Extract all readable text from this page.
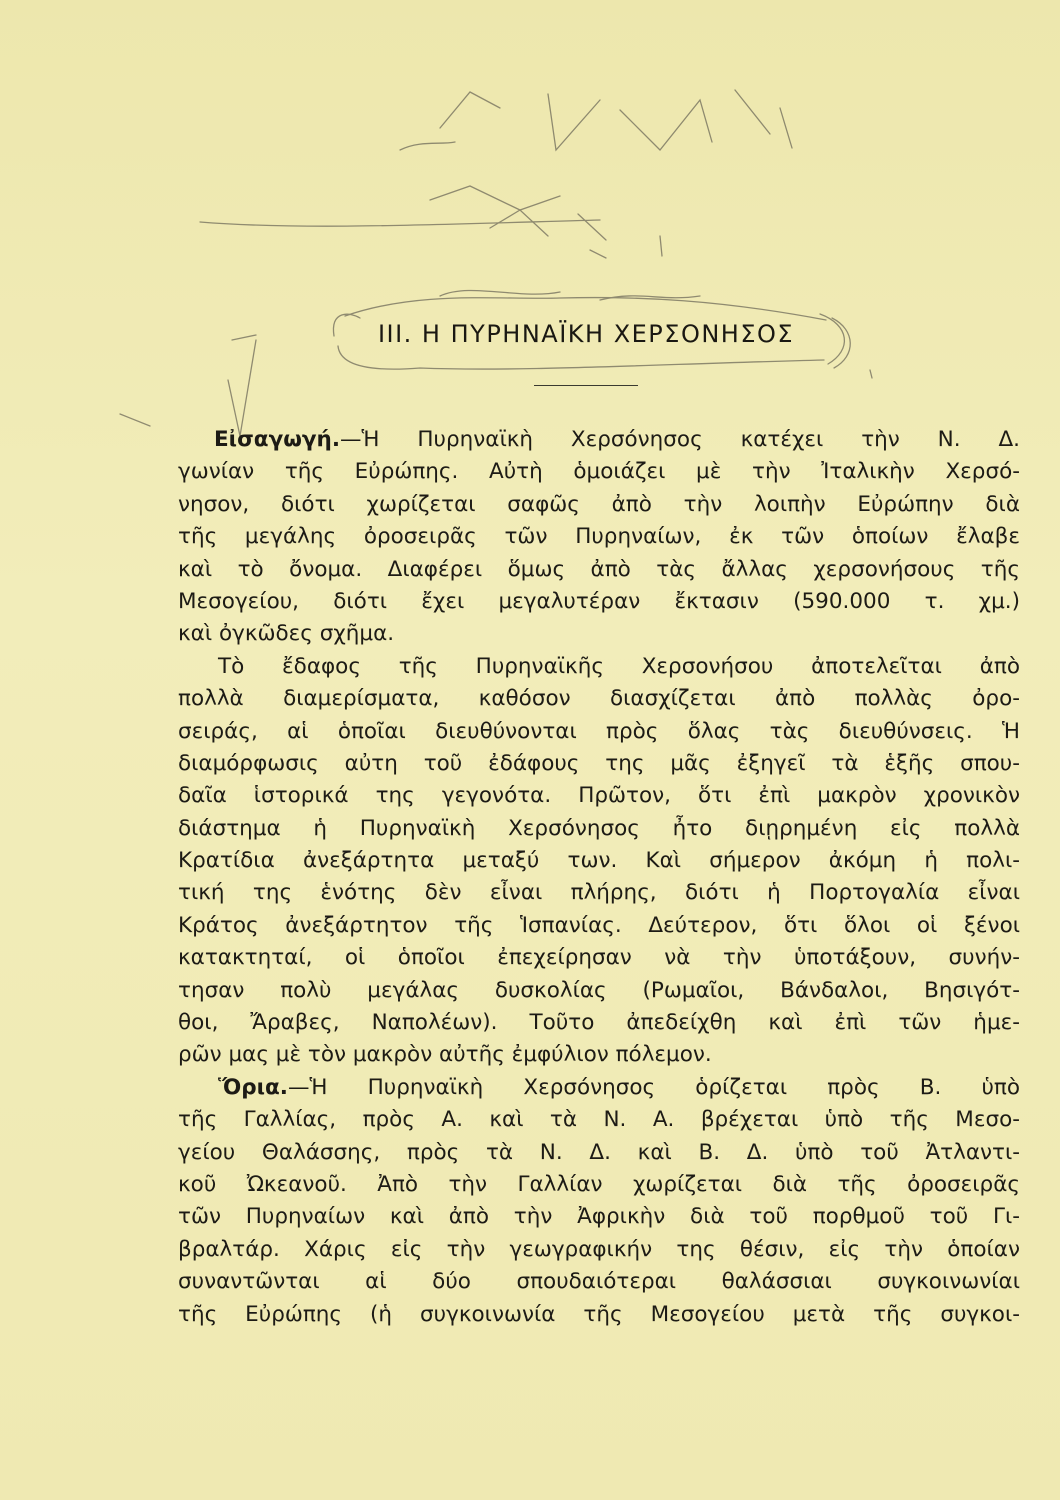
III. Η ΠΥΡΗΝΑΪΚΗ ΧΕΡΣΟΝΗΣΟΣ
Εἰσαγωγή.—Ἡ Πυρηναϊκὴ Χερσόνησος κατέχει τὴν Ν. Δ.
γωνίαν τῆς Εὐρώπης. Αὐτὴ ὁμοιάζει μὲ τὴν Ἰταλικὴν Χερσό-
νησον, διότι χωρίζεται σαφῶς ἀπὸ τὴν λοιπὴν Εὐρώπην διὰ
τῆς μεγάλης ὀροσειρᾶς τῶν Πυρηναίων, ἐκ τῶν ὁποίων ἔλαβε
καὶ τὸ ὄνομα. Διαφέρει ὅμως ἀπὸ τὰς ἄλλας χερσονήσους τῆς
Μεσογείου, διότι ἔχει μεγαλυτέραν ἔκτασιν (590.000 τ. χμ.)
καὶ ὀγκῶδες σχῆμα.
Τὸ ἔδαφος τῆς Πυρηναϊκῆς Χερσονήσου ἀποτελεῖται ἀπὸ
πολλὰ διαμερίσματα, καθόσον διασχίζεται ἀπὸ πολλὰς ὀρο-
σειράς, αἱ ὁποῖαι διευθύνονται πρὸς ὅλας τὰς διευθύνσεις. Ἡ
διαμόρφωσις αὐτη τοῦ ἐδάφους της μᾶς ἐξηγεῖ τὰ ἑξῆς σπου-
δαῖα ἱστορικά της γεγονότα. Πρῶτον, ὅτι ἐπὶ μακρὸν χρονικὸν
διάστημα ἡ Πυρηναϊκὴ Χερσόνησος ἦτο διῃρημένη εἰς πολλὰ
Κρατίδια ἀνεξάρτητα μεταξύ των. Καὶ σήμερον ἀκόμη ἡ πολι-
τική της ἑνότης δὲν εἶναι πλήρης, διότι ἡ Πορτογαλία εἶναι
Κράτος ἀνεξάρτητον τῆς Ἱσπανίας. Δεύτερον, ὅτι ὅλοι οἱ ξένοι
κατακτηταί, οἱ ὁποῖοι ἐπεχείρησαν νὰ τὴν ὑποτάξουν, συνήν-
τησαν πολὺ μεγάλας δυσκολίας (Ρωμαῖοι, Βάνδαλοι, Βησιγότ-
θοι, Ἄραβες, Ναπολέων). Τοῦτο ἀπεδείχθη καὶ ἐπὶ τῶν ἡμε-
ρῶν μας μὲ τὸν μακρὸν αὐτῆς ἐμφύλιον πόλεμον.
Ὅρια.—Ἡ Πυρηναϊκὴ Χερσόνησος ὁρίζεται πρὸς Β. ὑπὸ
τῆς Γαλλίας, πρὸς Α. καὶ τὰ Ν. Α. βρέχεται ὑπὸ τῆς Μεσο-
γείου Θαλάσσης, πρὸς τὰ Ν. Δ. καὶ Β. Δ. ὑπὸ τοῦ Ἀτλαντι-
κοῦ Ὠκεανοῦ. Ἀπὸ τὴν Γαλλίαν χωρίζεται διὰ τῆς ὀροσειρᾶς
τῶν Πυρηναίων καὶ ἀπὸ τὴν Ἀφρικὴν διὰ τοῦ πορθμοῦ τοῦ Γι-
βραλτάρ. Χάρις εἰς τὴν γεωγραφικήν της θέσιν, εἰς τὴν ὁποίαν
συναντῶνται αἱ δύο σπουδαιότεραι θαλάσσιαι συγκοινωνίαι
τῆς Εὐρώπης (ἡ συγκοινωνία τῆς Μεσογείου μετὰ τῆς συγκοι-
